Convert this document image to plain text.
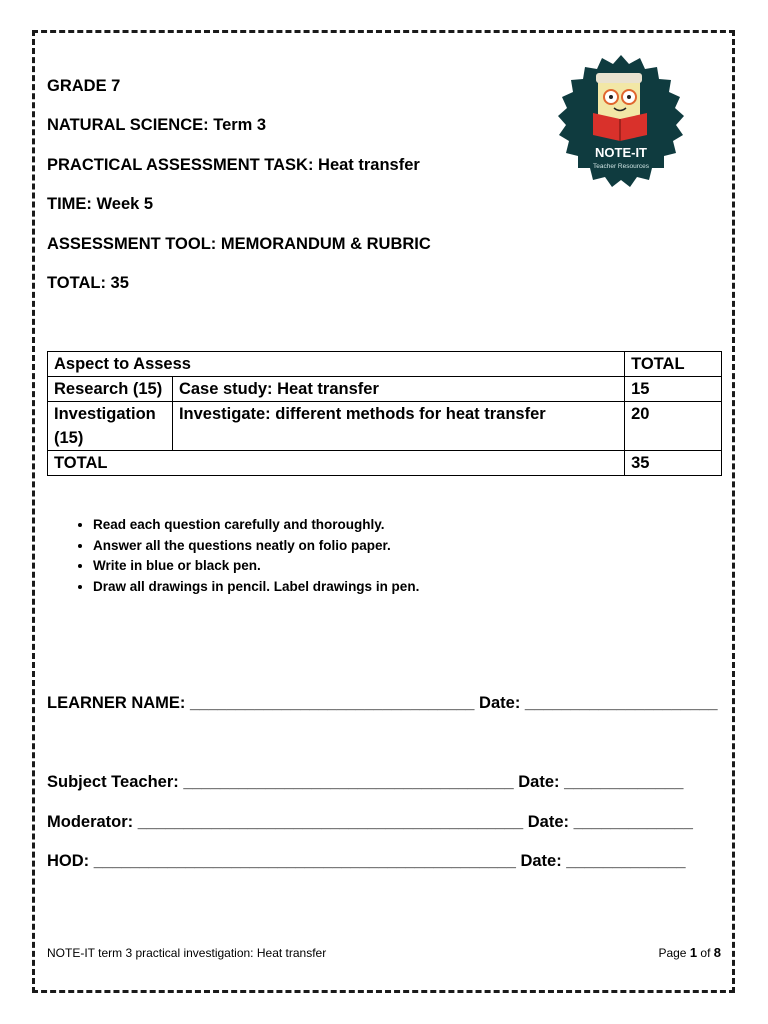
GRADE 7
NATURAL SCIENCE: Term 3
PRACTICAL ASSESSMENT TASK: Heat transfer
TIME: Week 5
ASSESSMENT TOOL: MEMORANDUM & RUBRIC
TOTAL: 35
NOTE-IT
Teacher Resources
Aspect to Assess		TOTAL
Research (15)	Case study: Heat transfer	15
Investigation (15)	Investigate: different methods for heat transfer	20
TOTAL		35
• Read each question carefully and thoroughly.
• Answer all the questions neatly on folio paper.
• Write in blue or black pen.
• Draw all drawings in pencil. Label drawings in pen.
LEARNER NAME: _______________________________ Date: _____________________
Subject Teacher: ____________________________________ Date: _____________
Moderator: __________________________________________ Date: _____________
HOD: ______________________________________________ Date: _____________
NOTE-IT term 3 practical investigation: Heat transfer	Page 1 of 8
